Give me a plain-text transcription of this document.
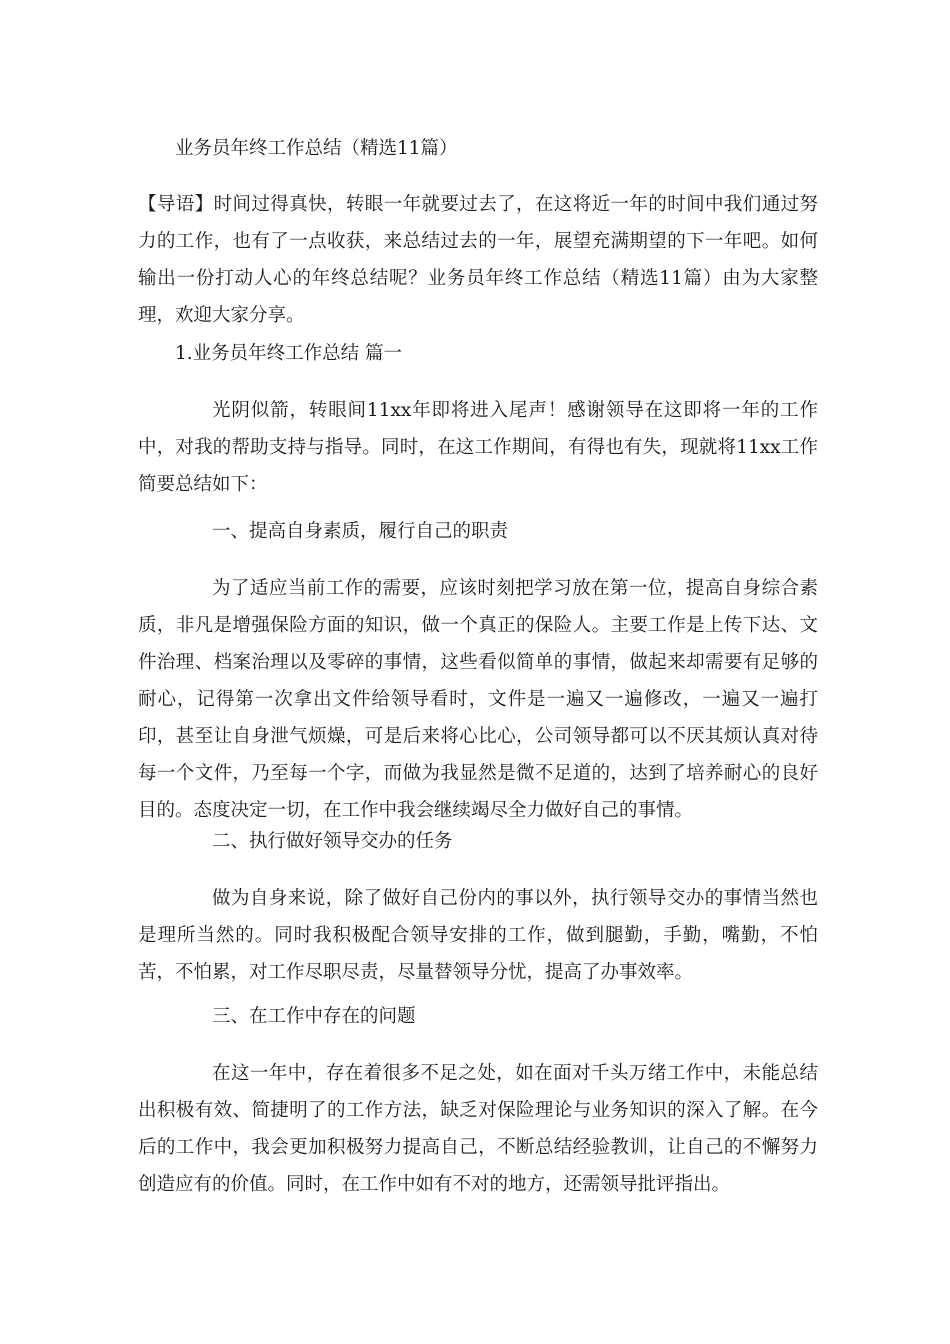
业务员年终工作总结（精选11篇）

【导语】时间过得真快，转眼一年就要过去了，在这将近一年的时间中我们通过努力的工作，也有了一点收获，来总结过去的一年，展望充满期望的下一年吧。如何输出一份打动人心的年终总结呢？业务员年终工作总结（精选11篇）由为大家整理，欢迎大家分享。

1.业务员年终工作总结 篇一

光阴似箭，转眼间11xx年即将进入尾声！感谢领导在这即将一年的工作中，对我的帮助支持与指导。同时，在这工作期间，有得也有失，现就将11xx工作简要总结如下：

一、提高自身素质，履行自己的职责

为了适应当前工作的需要，应该时刻把学习放在第一位，提高自身综合素质，非凡是增强保险方面的知识，做一个真正的保险人。主要工作是上传下达、文件治理、档案治理以及零碎的事情，这些看似简单的事情，做起来却需要有足够的耐心，记得第一次拿出文件给领导看时，文件是一遍又一遍修改，一遍又一遍打印，甚至让自身泄气烦燥，可是后来将心比心，公司领导都可以不厌其烦认真对待每一个文件，乃至每一个字，而做为我显然是微不足道的，达到了培养耐心的良好目的。态度决定一切，在工作中我会继续竭尽全力做好自己的事情。

二、执行做好领导交办的任务

做为自身来说，除了做好自己份内的事以外，执行领导交办的事情当然也是理所当然的。同时我积极配合领导安排的工作，做到腿勤，手勤，嘴勤，不怕苦，不怕累，对工作尽职尽责，尽量替领导分忧，提高了办事效率。

三、在工作中存在的问题

在这一年中，存在着很多不足之处，如在面对千头万绪工作中，未能总结出积极有效、简捷明了的工作方法，缺乏对保险理论与业务知识的深入了解。在今后的工作中，我会更加积极努力提高自己，不断总结经验教训，让自己的不懈努力创造应有的价值。同时，在工作中如有不对的地方，还需领导批评指出。
